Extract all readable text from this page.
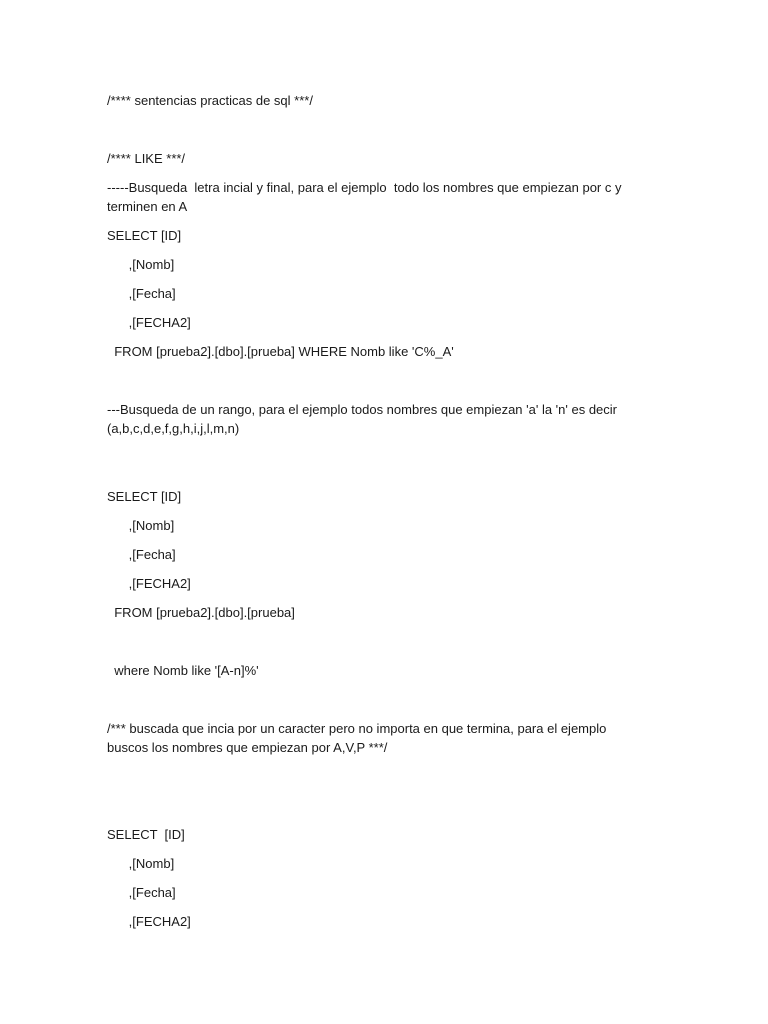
/**** sentencias practicas de sql ***/

/**** LIKE ***/

-----Busqueda  letra incial y final, para el ejemplo  todo los nombres que empiezan por c y terminen en A

SELECT [ID]

,[Nomb]

,[Fecha]

,[FECHA2]

FROM [prueba2].[dbo].[prueba] WHERE Nomb like 'C%_A'

---Busqueda de un rango, para el ejemplo todos nombres que empiezan 'a' la 'n' es decir (a,b,c,d,e,f,g,h,i,j,l,m,n)

SELECT [ID]

,[Nomb]

,[Fecha]

,[FECHA2]

FROM [prueba2].[dbo].[prueba]

where Nomb like '[A-n]%'

/*** buscada que incia por un caracter pero no importa en que termina, para el ejemplo buscos los nombres que empiezan por A,V,P ***/

SELECT  [ID]

,[Nomb]

,[Fecha]

,[FECHA2]
